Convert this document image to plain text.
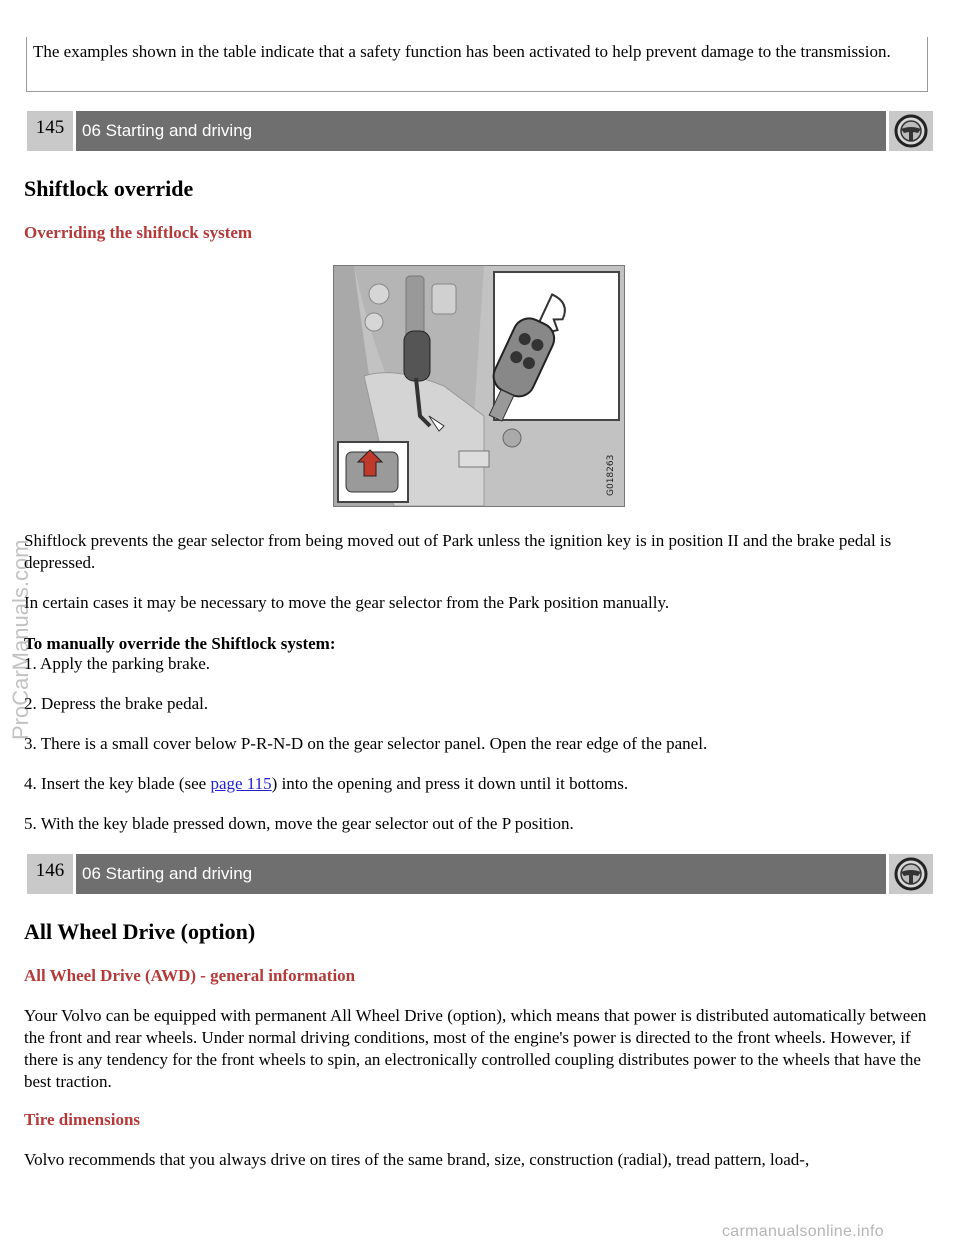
The examples shown in the table indicate that a safety function has been activated to help prevent damage to the transmission.
145	06 Starting and driving
Shiftlock override
Overriding the shiftlock system
G018263

Shiftlock prevents the gear selector from being moved out of Park unless the ignition key is in position II and the brake pedal is depressed.

In certain cases it may be necessary to move the gear selector from the Park position manually.

To manually override the Shiftlock system:

1. Apply the parking brake.

2. Depress the brake pedal.

3. There is a small cover below P-R-N-D on the gear selector panel. Open the rear edge of the panel.

4. Insert the key blade (see page 115) into the opening and press it down until it bottoms.

5. With the key blade pressed down, move the gear selector out of the P position.

146	06 Starting and driving
All Wheel Drive (option)
All Wheel Drive (AWD) - general information

Your Volvo can be equipped with permanent All Wheel Drive (option), which means that power is distributed automatically between the front and rear wheels. Under normal driving conditions, most of the engine's power is directed to the front wheels. However, if there is any tendency for the front wheels to spin, an electronically controlled coupling distributes power to the wheels that have the best traction.

Tire dimensions

Volvo recommends that you always drive on tires of the same brand, size, construction (radial), tread pattern, load-,

ProCarManuals.com
carmanualsonline.info
